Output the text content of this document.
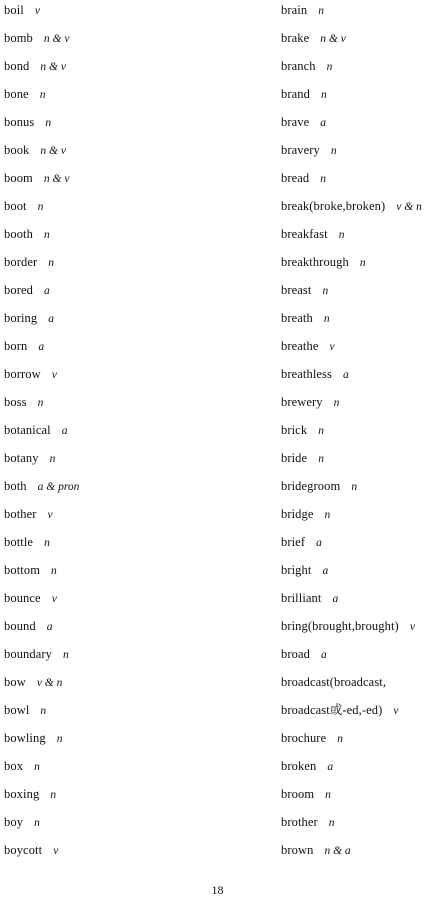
boil v
bomb n & v
bond n & v
bone n
bonus n
book n & v
boom n & v
boot n
booth n
border n
bored a
boring a
born a
borrow v
boss n
botanical a
botany n
both a & pron
bother v
bottle n
bottom n
bounce v
bound a
boundary n
bow v & n
bowl n
bowling n
box n
boxing n
boy n
boycott v
brain n
brake n & v
branch n
brand n
brave a
bravery n
bread n
break(broke,broken) v & n
breakfast n
breakthrough n
breast n
breath n
breathe v
breathless a
brewery n
brick n
bride n
bridegroom n
bridge n
brief a
bright a
brilliant a
bring(brought,brought) v
broad a
broadcast(broadcast,
broadcast或-ed,-ed) v
brochure n
broken a
broom n
brother n
brown n & a
18
